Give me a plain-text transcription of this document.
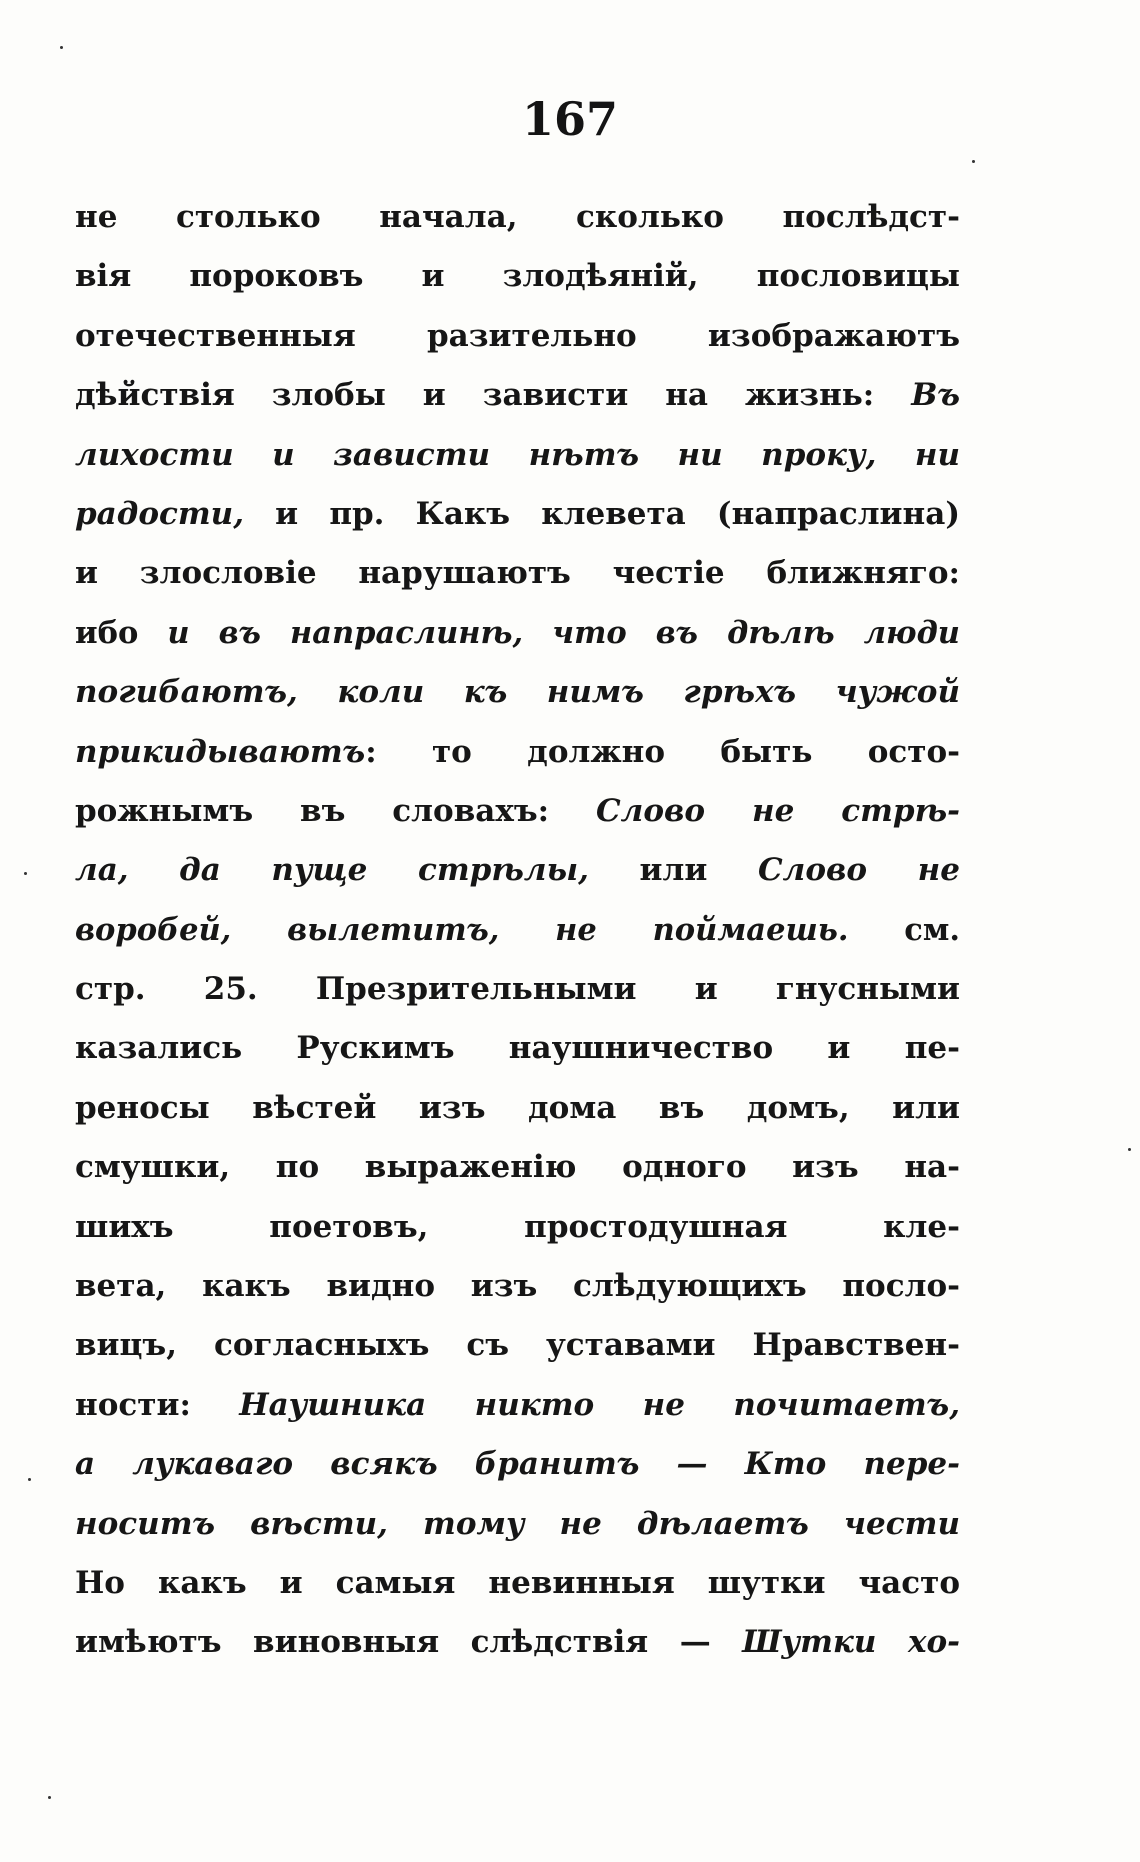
167
не столько начала, сколько послѣдст-
вія пороковъ и злодѣяній, пословицы
отечественныя разительно изображаютъ
дѣйствія злобы и зависти на жизнь: Въ
лихости и зависти нѣтъ ни проку, ни
радости, и пр. Какъ клевета (напраслина)
и злословіе нарушаютъ честіе ближняго:
ибо и въ напраслинѣ, что въ дѣлѣ люди
погибаютъ, коли къ нимъ грѣхъ чужой
прикидываютъ: то должно быть осто-
рожнымъ въ словахъ: Слово не стрѣ-
ла, да пуще стрѣлы, или Слово не
воробей, вылетитъ, не поймаешь. см.
стр. 25. Презрительными и гнусными
казались Рускимъ наушничество и пе-
реносы вѣстей изъ дома въ домъ, или
смушки, по выраженію одного изъ на-
шихъ поетовъ, простодушная кле-
вета, какъ видно изъ слѣдующихъ посло-
вицъ, согласныхъ съ уставами Нравствен-
ности: Наушника никто не почитаетъ,
а лукаваго всякъ бранитъ — Кто пере-
носитъ вѣсти, тому не дѣлаетъ чести
Но какъ и самыя невинныя шутки часто
имѣютъ виновныя слѣдствія — Шутки хо-
